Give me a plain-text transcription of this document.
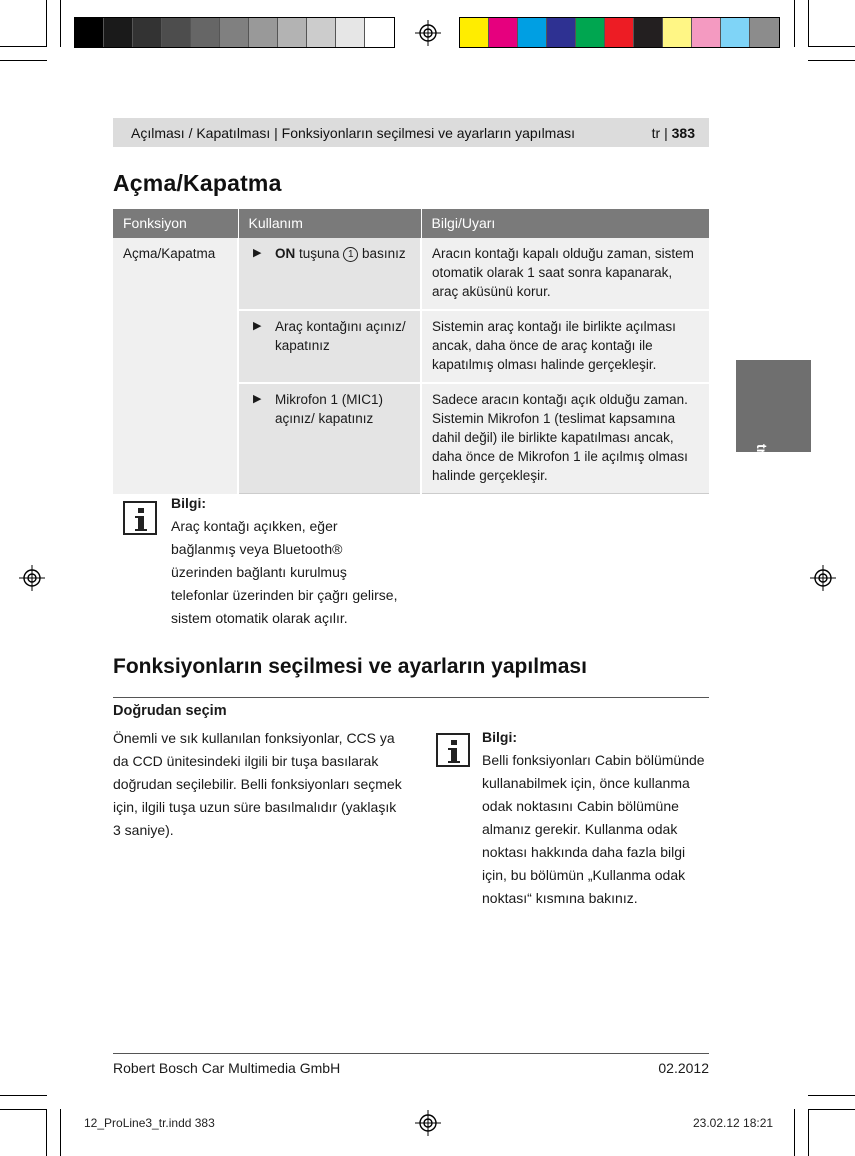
Açılması / Kapatılması | Fonksiyonların seçilmesi ve ayarların yapılması	tr | 383
Açma/Kapatma
Fonksiyon	Kullanım	Bilgi/Uyarı
Açma/Kapatma	▶ ON tuşuna 1 basınız	Aracın kontağı kapalı olduğu zaman, sistem otomatik olarak 1 saat sonra kapanarak, araç aküsünü korur.

	▶ Araç kontağını açınız/ kapatınız	Sistemin araç kontağı ile birlikte açılması ancak, daha önce de araç kontağı ile kapatılmış olması halinde gerçekleşir.

	▶ Mikrofon 1 (MIC1) açınız/ kapatınız	Sadece aracın kontağı açık olduğu zaman. Sistemin Mikrofon 1 (teslimat kapsamına dahil değil) ile birlikte kapatılması ancak, daha önce de Mikrofon 1 ile açılmış olması halinde gerçekleşir.
Bilgi:
Araç kontağı açıkken, eğer bağlanmış veya Bluetooth® üzerinden bağlantı kurulmuş telefonlar üzerinden bir çağrı gelirse, sistem otomatik olarak açılır.
Fonksiyonların seçilmesi ve ayarların yapılması
Doğrudan seçim

Önemli ve sık kullanılan fonksiyonlar, CCS ya da CCD ünitesindeki ilgili bir tuşa basılarak doğrudan seçilebilir. Belli fonksiyonları seçmek için, ilgili tuşa uzun süre basılmalıdır (yaklaşık 3 saniye).

Bilgi:
Belli fonksiyonları Cabin bölümünde kullanabilmek için, önce kullanma odak noktasını Cabin bölümüne almanız gerekir. Kullanma odak noktası hakkında daha fazla bilgi için, bu bölümün „Kullanma odak noktası“ kısmına bakınız.
tr
Robert Bosch Car Multimedia GmbH	02.2012
12_ProLine3_tr.indd 383	23.02.12 18:21
